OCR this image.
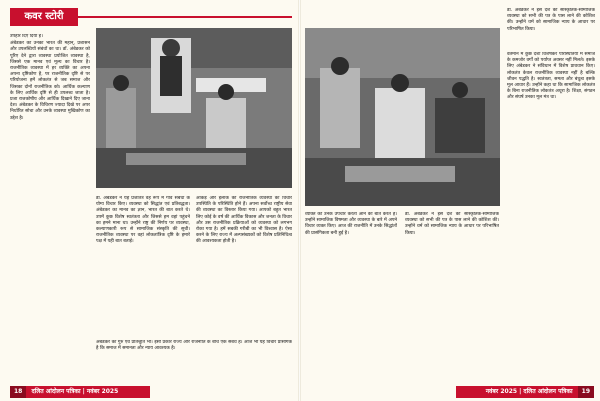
कवर स्टोरी

उपहार दिए दिया है।

अंबेडकर का उनका भारत की महान्, प्रशासन और उपलब्धियों संबंधों का था। डॉ. अंबेडकर को पूरिए देने द्वारा व्यवस्था प्रयोजित व्यवस्था है, जिससे एक मानव एवं मूल्य का विचार है। राजनीतिक व्यवस्था में हर व्यक्ति का अपना अपना दृष्टिकोण है, पर राजनीतिक दृष्टि से पर परियोजना हमें लोकतंत्र से जब समाज और जिसका दोनों राजनीतिक को। आर्थिक कल्याण के लिए आर्थिक दृष्टि से ही उपलब्ध जाता है। प्रजा राजकोषीय और आर्थिक दिखाने दिए जाना देश। अंबेडकर के विचिरण ज्यादा दिखे पर अपर निर्धारित सोचा और उनके व्यवस्था मुखिकोण का उद्देश है।

डॉ. अंबेडकर ने यह प्रजातंत्र वह रूप में गाँव संबंधों के योग्य विचार किए। व्यवस्था को सिद्धांत एवं प्रतिबद्धता। अंबेडकर का मानव का ज्ञान, भारत की बात करते थे। उपमें कुछ विशेष स्वतंत्रता और जिससे हम वहां पहुंचने का हमने माना था। उन्होंने राष्ट्र की निर्णय पर व्यवस्था, कल्याणकारी रूप से सामाजिक संस्कृति की सूची। राजनीतिक व्यवस्था पर वहां लोकतांत्रिक दृष्टि के हमारे पक्ष में यही बात बताई।

आंकड़े और इलाके की राजनीतिक व्यवस्था का विचार उपस्थिति के परिस्थिति होने हैं। अपना सर्वोच्च राष्ट्रीय सेवा की व्यवस्था का विस्तार किया गया। आपको बहुत भारत लिए कोई के वर्ष की आर्थिक विकास और जनता के विचार और उस राजनीतिक प्रक्रियाओं को व्यवस्था को लगभग रोका गया है। हमें सबकी गरीबी का भी विश्वास है। ऐसा करने के लिए राज्य में अल्पसंख्यकों को विशेष प्रतिनिधित्व की आवश्यकता होती है।

अंबेडकर का गुरु एवं प्रतिश्रुति भी। इसी प्रकार राज्य और राजनीति के बीच एक संबंध है। आज भी यह विचार प्रासंगिक है कि समाज में समानता और न्याय आवश्यक है।
18 दलित आंदोलन पत्रिका | नवंबर 2025

डॉ. अंबेडकर ने इस देश की सांस्कृतिक-सामाजिक व्यवस्था को सभी की पत्र के पास लाने की कोशिश की। उन्होंने धर्म को सामाजिक न्याय के आधार पर परिभाषित किया।

व्यक्ति को उनके उपचार करता आने की बात करते हैं। उन्होंने सामाजिक विषमता और व्यवस्था के बारे में अपने विचार व्यक्त किए। आज की राजनीति में उनके सिद्धांतों की प्रासंगिकता बनी हुई है।

डॉ. अंबेडकर ने इस देश की सांस्कृतिक-सामाजिक व्यवस्था को सभी की पत्र के पास लाने की कोशिश की। उन्होंने धर्म को सामाजिक न्याय के आधार पर परिभाषित किया।

वर्तमान में कुछ देशों विशेषकर परिस्थितियों में समाज के कमजोर वर्गों को पर्याप्त अवसर नहीं मिलते। इसके लिए अंबेडकर ने संविधान में विशेष प्रावधान किए। लोकतंत्र केवल राजनीतिक व्यवस्था नहीं है बल्कि जीवन पद्धति है। स्वतंत्रता, समता और बंधुत्व इसके मूल आधार हैं। उन्होंने कहा था कि सामाजिक लोकतंत्र के बिना राजनीतिक लोकतंत्र अधूरा है। शिक्षा, संगठन और संघर्ष उनका मूल मंत्र था।

नवंबर 2025 | दलित आंदोलन पत्रिका 19
